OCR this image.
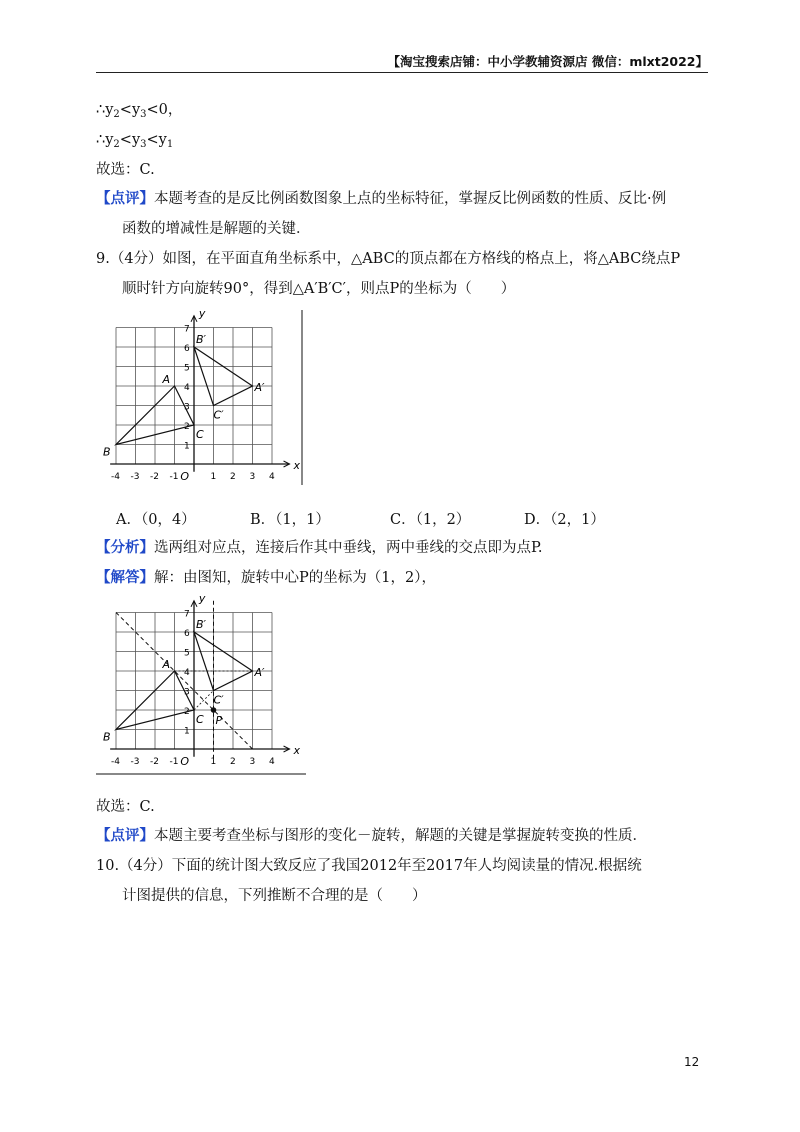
【淘宝搜索店铺：中小学教辅资源店 微信：mlxt2022】
$\therefore y_2<y_3<0$，
$\therefore y_2<y_3<y_1$
故选：C.
【点评】本题考查的是反比例函数图象上点的坐标特征，掌握反比例函数的性质、反比·例
函数的增减性是解题的关键．
9.（4分）如图，在平面直角坐标系中，△ABC的顶点都在方格线的格点上，将△ABC绕点P
顺时针方向旋转90°，得到△A′B′C′，则点P的坐标为（　　）
x
y
O
-4 -3 -2 -1	1 2 3 4
1
2
3
4
5
6
7
A
B
C
A′
B′
C′
A．（0，4）	B．（1，1）	C．（1，2）	D．（2，1）
【分析】选两组对应点，连接后作其中垂线，两中垂线的交点即为点P.
【解答】解：由图知，旋转中心P的坐标为（1，2），
x
y
O
-4 -3 -2 -1	1 2 3 4
1
2
3
4
5
6
7
P
A
B
C
A′
B′
C′
故选：C.
【点评】本题主要考查坐标与图形的变化－旋转，解题的关键是掌握旋转变换的性质．
10.（4分）下面的统计图大致反应了我国2012年至2017年人均阅读量的情况.根据统
计图提供的信息，下列推断不合理的是（　　）
12
